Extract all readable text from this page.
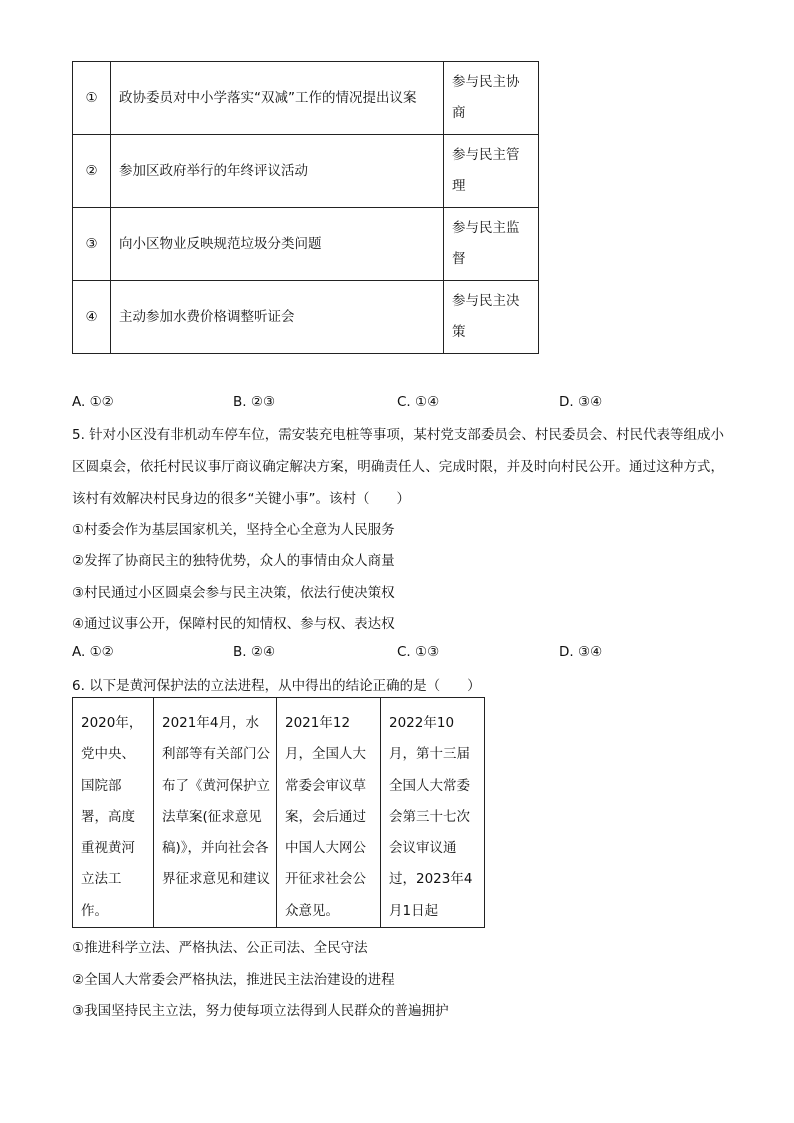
①	政协委员对中小学落实“双减”工作的情况提出议案	参与民主协商
②	参加区政府举行的年终评议活动	参与民主管理
③	向小区物业反映规范垃圾分类问题	参与民主监督
④	主动参加水费价格调整听证会	参与民主决策
A. ①②	B. ②③	C. ①④	D. ③④
5. 针对小区没有非机动车停车位，需安装充电桩等事项，某村党支部委员会、村民委员会、村民代表等组成小区圆桌会，依托村民议事厅商议确定解决方案，明确责任人、完成时限，并及时向村民公开。通过这种方式，该村有效解决村民身边的很多“关键小事”。该村（　　）
①村委会作为基层国家机关，坚持全心全意为人民服务
②发挥了协商民主的独特优势，众人的事情由众人商量
③村民通过小区圆桌会参与民主决策，依法行使决策权
④通过议事公开，保障村民的知情权、参与权、表达权
A. ①②	B. ②④	C. ①③	D. ③④
6. 以下是黄河保护法的立法进程，从中得出的结论正确的是（　　）
2020年，党中央、国院部署，高度重视黄河立法工作。	2021年4月，水利部等有关部门公布了《黄河保护立法草案(征求意见稿)》，并向社会各界征求意见和建议	2021年12月，全国人大常委会审议草案，会后通过中国人大网公开征求社会公众意见。	2022年10月，第十三届全国人大常委会第三十七次会议审议通过，2023年4月1日起
①推进科学立法、严格执法、公正司法、全民守法
②全国人大常委会严格执法，推进民主法治建设的进程
③我国坚持民主立法，努力使每项立法得到人民群众的普遍拥护
